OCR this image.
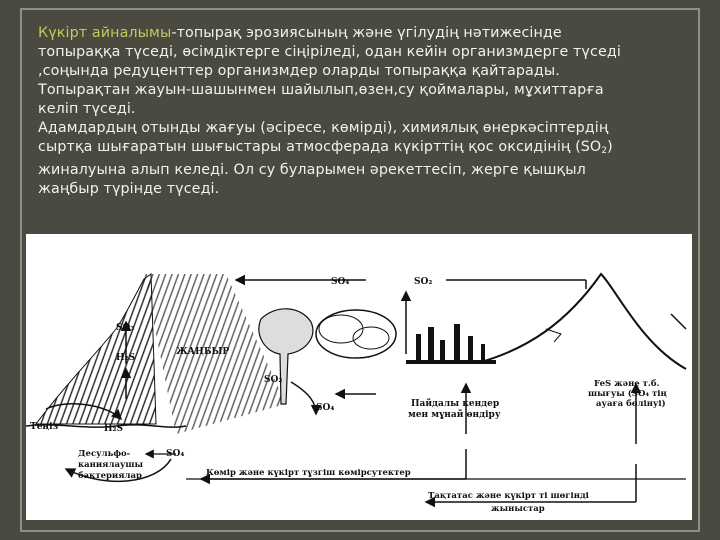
Күкірт айналымы-топырақ эрозиясының және үгілудің нәтижесінде

топыраққа түседі, өсімдіктерге сіңіріледі, одан кейін организмдерге түседі

,соңында редуценттер организмдер оларды топыраққа қайтарады.

Топырақтан жауын-шашынмен шайылып,өзен,су қоймалары, мұхиттарға

келіп түседі.

Адамдардың отынды жағуы (әсіресе, көмірді), химиялық өнеркәсіптердің

сыртқа шығаратын шығыстары атмосферада күкірттің қос оксидінің $(SO_2)$

жиналуына алып келеді. Ол су буларымен әрекеттесіп, жерге қышқыл

жаңбыр түрінде түседі.

SO₄	SO₂
SO₃
H₂S
ЖАҢБЫР
SO₂
SO₄	Пайдалы кендер
мен мұнай өндіру
FeS және т.б.
шығуы (SO₄ тің
ауаға бөлінуі)
Теңіз	H₂S
Десульфо-
каниялаушы
бактериялар
SO₄
Көмір және күкірт тұзгіш көмірсутектер
Тақтатас және күкірт ті шөгінді
жыныстар
